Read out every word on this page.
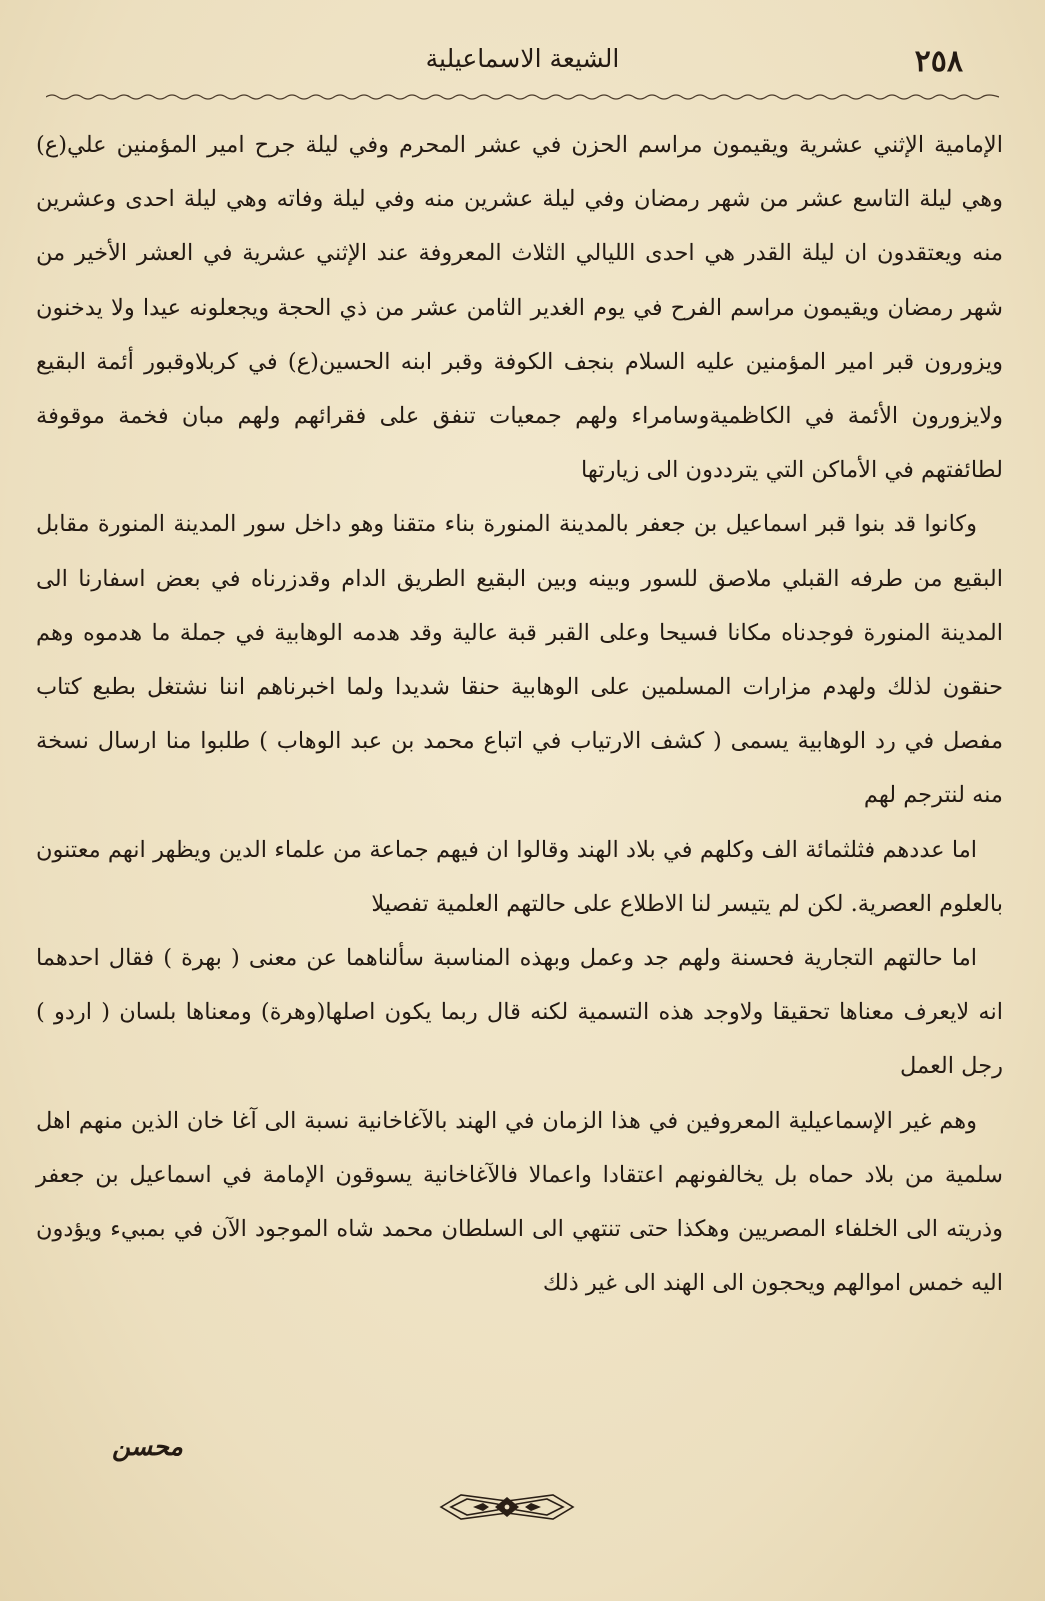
٢٥٨
الشيعة الاسماعيلية

الإمامية الإثني عشرية ويقيمون مراسم الحزن في عشر المحرم وفي ليلة جرح امير المؤمنين علي(ع) وهي ليلة التاسع عشر من شهر رمضان وفي ليلة عشرين منه وفي ليلة وفاته وهي ليلة احدى وعشرين منه ويعتقدون ان ليلة القدر هي احدى الليالي الثلاث المعروفة عند الإثني عشرية في العشر الأخير من شهر رمضان ويقيمون مراسم الفرح في يوم الغدير الثامن عشر من ذي الحجة ويجعلونه عيدا ولا يدخنون ويزورون قبر امير المؤمنين عليه السلام بنجف الكوفة وقبر ابنه الحسين(ع) في كربلاوقبور أئمة البقيع ولايزورون الأئمة في الكاظميةوسامراء ولهم جمعيات تنفق على فقرائهم ولهم مبان فخمة موقوفة لطائفتهم في الأماكن التي يترددون الى زيارتها

وكانوا قد بنوا قبر اسماعيل بن جعفر بالمدينة المنورة بناء متقنا وهو داخل سور المدينة المنورة مقابل البقيع من طرفه القبلي ملاصق للسور وبينه وبين البقيع الطريق الدام وقدزرناه في بعض اسفارنا الى المدينة المنورة فوجدناه مكانا فسيحا وعلى القبر قبة عالية وقد هدمه الوهابية في جملة ما هدموه وهم حنقون لذلك ولهدم مزارات المسلمين على الوهابية حنقا شديدا ولما اخبرناهم اننا نشتغل بطبع كتاب مفصل في رد الوهابية يسمى ( كشف الارتياب في اتباع محمد بن عبد الوهاب ) طلبوا منا ارسال نسخة منه لنترجم لهم

اما عددهم فثلثمائة الف وكلهم في بلاد الهند وقالوا ان فيهم جماعة من علماء الدين ويظهر انهم معتنون بالعلوم العصرية. لكن لم يتيسر لنا الاطلاع على حالتهم العلمية تفصيلا

اما حالتهم التجارية فحسنة ولهم جد وعمل وبهذه المناسبة سألناهما عن معنى ( بهرة ) فقال احدهما انه لايعرف معناها تحقيقا ولاوجد هذه التسمية لكنه قال ربما يكون اصلها(وهرة) ومعناها بلسان ( اردو ) رجل العمل

وهم غير الإسماعيلية المعروفين في هذا الزمان في الهند بالآغاخانية نسبة الى آغا خان الذين منهم اهل سلمية من بلاد حماه بل يخالفونهم اعتقادا واعمالا فالآغاخانية يسوقون الإمامة في اسماعيل بن جعفر وذريته الى الخلفاء المصريين وهكذا حتى تنتهي الى السلطان محمد شاه الموجود الآن في بمبيء ويؤدون اليه خمس اموالهم ويحجون الى الهند الى غير ذلك

محسن
